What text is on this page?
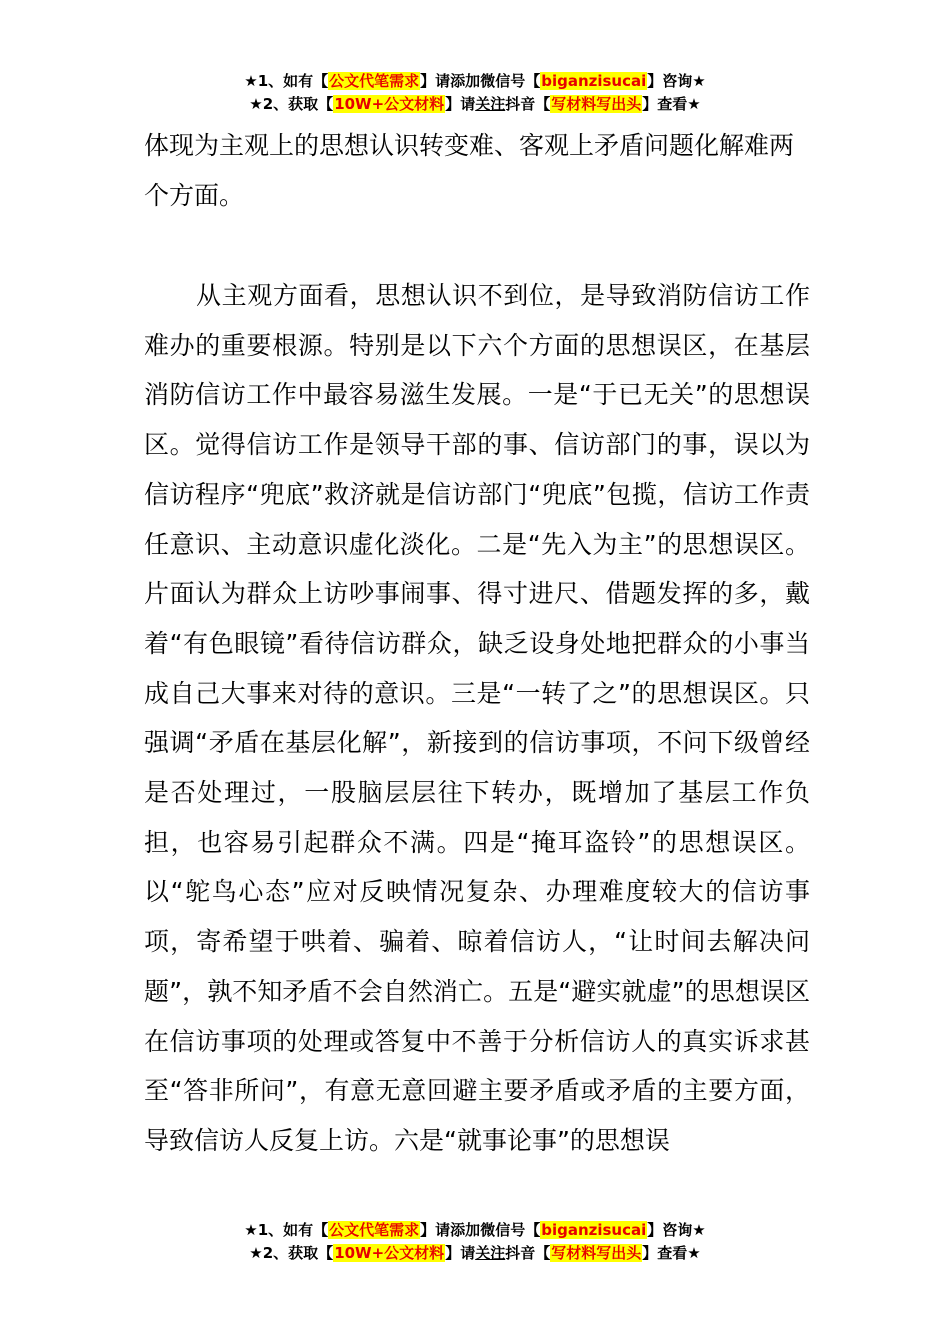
★1、如有【公文代笔需求】请添加微信号【biganzisucai】咨询★
★2、获取【10W+公文材料】请关注抖音【写材料写出头】查看★

体现为主观上的思想认识转变难、客观上矛盾问题化解难两个方面。

从主观方面看，思想认识不到位，是导致消防信访工作难办的重要根源。特别是以下六个方面的思想误区，在基层消防信访工作中最容易滋生发展。一是“于已无关”的思想误区。觉得信访工作是领导干部的事、信访部门的事，误以为信访程序“兜底”救济就是信访部门“兜底”包揽，信访工作责任意识、主动意识虚化淡化。二是“先入为主”的思想误区。片面认为群众上访吵事闹事、得寸进尺、借题发挥的多，戴着“有色眼镜”看待信访群众，缺乏设身处地把群众的小事当成自己大事来对待的意识。三是“一转了之”的思想误区。只强调“矛盾在基层化解”，新接到的信访事项，不问下级曾经是否处理过，一股脑层层往下转办，既增加了基层工作负担，也容易引起群众不满。四是“掩耳盗铃”的思想误区。以“鸵鸟心态”应对反映情况复杂、办理难度较大的信访事项，寄希望于哄着、骗着、晾着信访人，“让时间去解决问题”，孰不知矛盾不会自然消亡。五是“避实就虚”的思想误区在信访事项的处理或答复中不善于分析信访人的真实诉求甚至“答非所问”，有意无意回避主要矛盾或矛盾的主要方面，导致信访人反复上访。六是“就事论事”的思想误

★1、如有【公文代笔需求】请添加微信号【biganzisucai】咨询★
★2、获取【10W+公文材料】请关注抖音【写材料写出头】查看★
